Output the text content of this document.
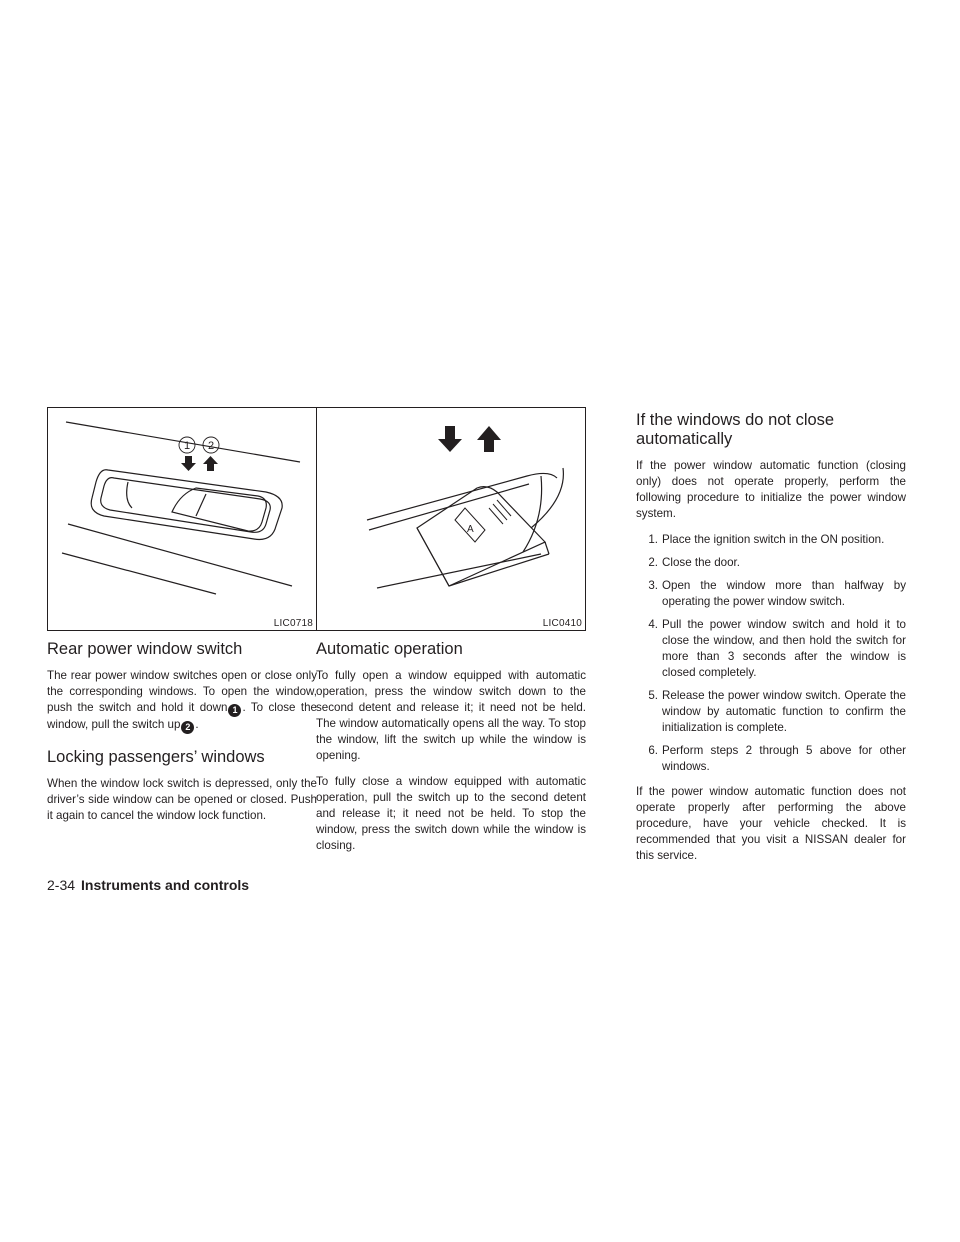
1 2
LIC0718
A
LIC0410
Rear power window switch

The rear power window switches open or close only the corresponding windows. To open the window, push the switch and hold it down 1 . To close the window, pull the switch up 2 .

Locking passengers’ windows

When the window lock switch is depressed, only the driver’s side window can be opened or closed. Push it again to cancel the window lock function.

Automatic operation

To fully open a window equipped with automatic operation, press the window switch down to the second detent and release it; it need not be held. The window automatically opens all the way. To stop the window, lift the switch up while the window is opening.

To fully close a window equipped with automatic operation, pull the switch up to the second detent and release it; it need not be held. To stop the window, press the switch down while the window is closing.

If the windows do not close automatically

If the power window automatic function (closing only) does not operate properly, perform the following procedure to initialize the power window system.

1. Place the ignition switch in the ON position.
2. Close the door.
3. Open the window more than halfway by operating the power window switch.
4. Pull the power window switch and hold it to close the window, and then hold the switch for more than 3 seconds after the window is closed completely.
5. Release the power window switch. Operate the window by automatic function to confirm the initialization is complete.
6. Perform steps 2 through 5 above for other windows.

If the power window automatic function does not operate properly after performing the above procedure, have your vehicle checked. It is recommended that you visit a NISSAN dealer for this service.

2-34 Instruments and controls
